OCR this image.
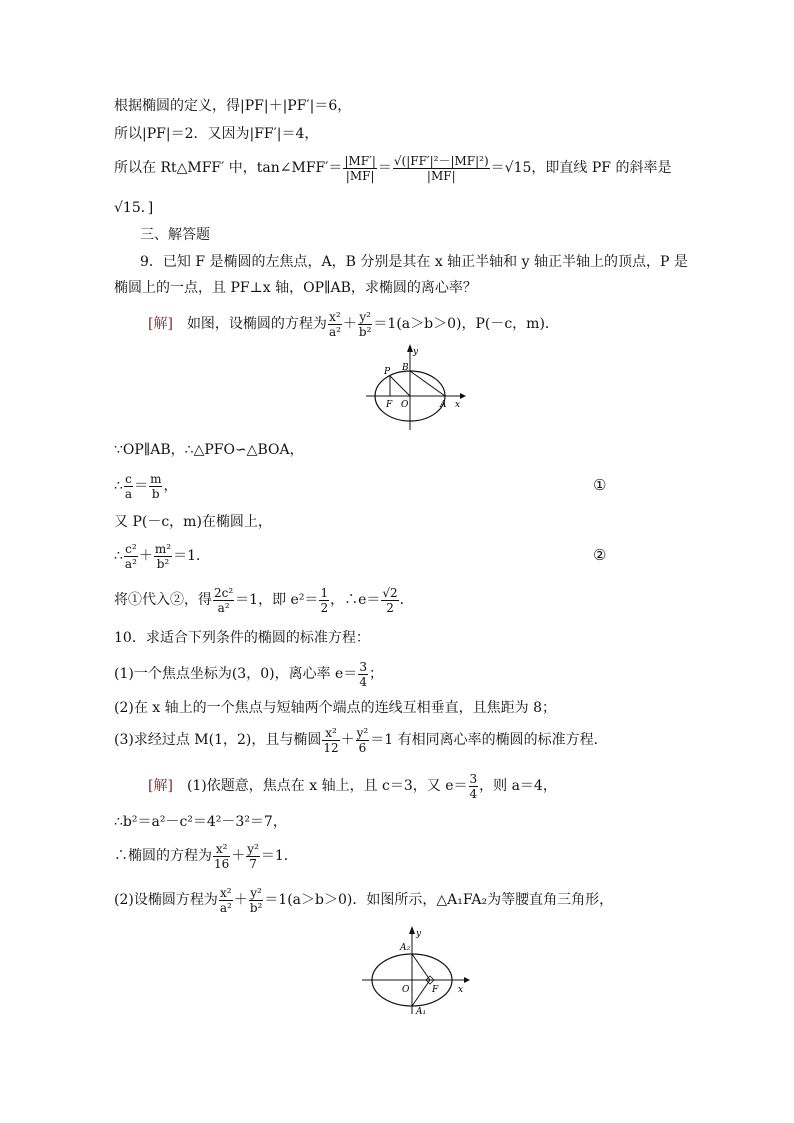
根据椭圆的定义，得|PF|＋|PF′|＝6，
所以|PF|＝2．又因为|FF′|＝4，
所以在 Rt△MFF′ 中，tan∠MFF′＝ $\frac{|MF'|}{|MF|} = \frac{\text{√(|FF′|²－|MF|²)}}{|MF|} =√15$，即直线 PF 的斜率是
√15．]
三、解答题
9．已知 F 是椭圆的左焦点，A，B 分别是其在 x 轴正半轴和 y 轴正半轴上的顶点，P 是
椭圆上的一点，且 PF⊥x 轴，OP∥AB，求椭圆的离心率？
[解]　 如图，设椭圆的方程为 $\frac{\text{x²}}{\text{a²}} + \frac{\text{y²}}{\text{b²}} =1(a>b>0)$，P(－c，m)．
P B
y
F O	A x
∵OP∥AB，∴△PFO∽△BOA，
∴ $\frac{c}{a} = \frac{m}{b}$ ，	①
又 P(－c，m)在椭圆上，
∴ $\frac{\text{c²}}{\text{a²}} + \frac{\text{m²}}{\text{b²}} =1$．	②
将①代入②，得 $\frac{\text{2c²}}{\text{a²}} =1$，即 $e^2= \frac{1}{2}$ ，∴e＝ $\frac{√2}{2}$ ．
10．求适合下列条件的椭圆的标准方程：
(1)一个焦点坐标为(3，0)，离心率 $e= \frac{3}{4}$ ；
(2)在 x 轴上的一个焦点与短轴两个端点的连线互相垂直，且焦距为 8；
(3)求经过点 M(1，2)，且与椭圆 $\frac{\text{x²}}{12} + \frac{\text{y²}}{6} =1$ 有相同离心率的椭圆的标准方程．
[解]　 (1)依题意，焦点在 x 轴上，且 c＝3，又 $e= \frac{3}{4}$ ，则 a＝4，
∴b²＝a²－c²＝4²－3²＝7，
∴椭圆的方程为 $\frac{\text{x²}}{16} + \frac{\text{y²}}{7} =1$．
(2)设椭圆方程为 $\frac{\text{x²}}{\text{a²}} + \frac{\text{y²}}{\text{b²}} =1(a>b>0)$．如图所示，△A₁FA₂为等腰直角三角形，
y
A₂
O	F x
A₁
